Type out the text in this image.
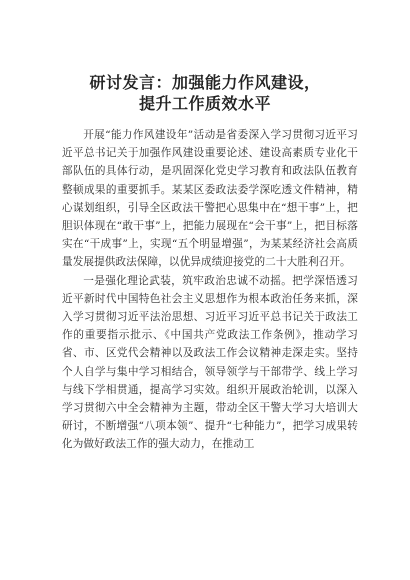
研讨发言：加强能力作风建设，
提升工作质效水平

开展“能力作风建设年”活动是省委深入学习贯彻习近平习近平总书记关于加强作风建设重要论述、建设高素质专业化干部队伍的具体行动，是巩固深化党史学习教育和政法队伍教育整顿成果的重要抓手。某某区委政法委学深吃透文件精神，精心谋划组织，引导全区政法干警把心思集中在“想干事”上，把胆识体现在“敢干事”上，把能力展现在“会干事”上，把目标落实在“干成事”上，实现“五个明显增强”，为某某经济社会高质量发展提供政法保障，以优异成绩迎接党的二十大胜利召开。

一是强化理论武装，筑牢政治忠诚不动摇。把学深悟透习近平新时代中国特色社会主义思想作为根本政治任务来抓，深入学习贯彻习近平法治思想、习近平习近平总书记关于政法工作的重要指示批示、《中国共产党政法工作条例》，推动学习省、市、区党代会精神以及政法工作会议精神走深走实。坚持个人自学与集中学习相结合，领导领学与干部带学、线上学习与线下学相贯通，提高学习实效。组织开展政治轮训，以深入学习贯彻六中全会精神为主题，带动全区干警大学习大培训大研讨，不断增强“八项本领”、提升“七种能力”，把学习成果转化为做好政法工作的强大动力，在推动工
